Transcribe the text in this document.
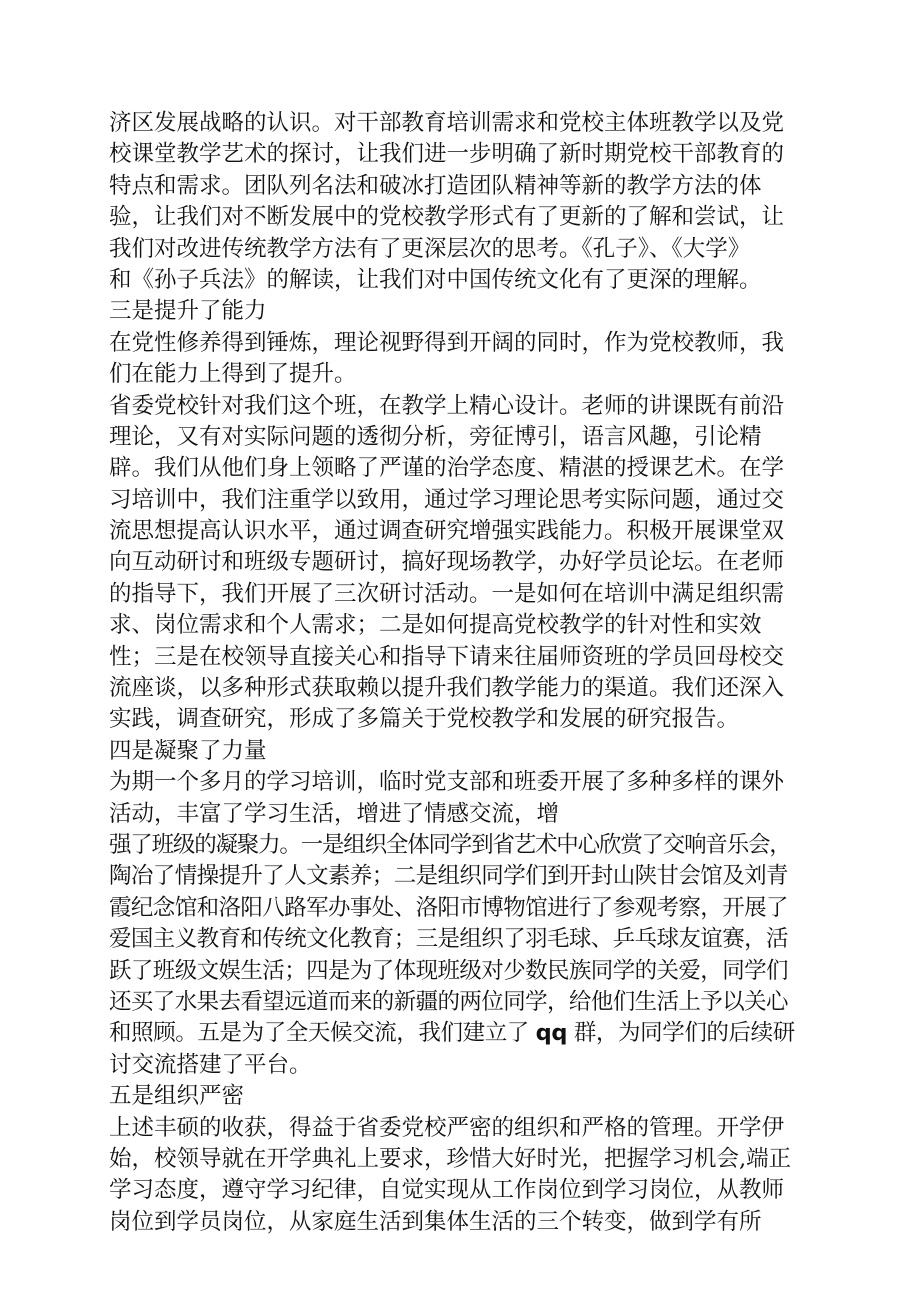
济区发展战略的认识。对干部教育培训需求和党校主体班教学以及党
校课堂教学艺术的探讨，让我们进一步明确了新时期党校干部教育的
特点和需求。团队列名法和破冰打造团队精神等新的教学方法的体
验，让我们对不断发展中的党校教学形式有了更新的了解和尝试，让
我们对改进传统教学方法有了更深层次的思考。《孔子》、《大学》
和《孙子兵法》的解读，让我们对中国传统文化有了更深的理解。
三是提升了能力
在党性修养得到锤炼，理论视野得到开阔的同时，作为党校教师，我
们在能力上得到了提升。
省委党校针对我们这个班，在教学上精心设计。老师的讲课既有前沿
理论，又有对实际问题的透彻分析，旁征博引，语言风趣，引论精
辟。我们从他们身上领略了严谨的治学态度、精湛的授课艺术。在学
习培训中，我们注重学以致用，通过学习理论思考实际问题，通过交
流思想提高认识水平，通过调查研究增强实践能力。积极开展课堂双
向互动研讨和班级专题研讨，搞好现场教学，办好学员论坛。在老师
的指导下，我们开展了三次研讨活动。一是如何在培训中满足组织需
求、岗位需求和个人需求；二是如何提高党校教学的针对性和实效
性；三是在校领导直接关心和指导下请来往届师资班的学员回母校交
流座谈，以多种形式获取赖以提升我们教学能力的渠道。我们还深入
实践，调查研究，形成了多篇关于党校教学和发展的研究报告。
四是凝聚了力量
为期一个多月的学习培训，临时党支部和班委开展了多种多样的课外
活动，丰富了学习生活，增进了情感交流，增
强了班级的凝聚力。一是组织全体同学到省艺术中心欣赏了交响音乐会，
陶冶了情操提升了人文素养；二是组织同学们到开封山陕甘会馆及刘青
霞纪念馆和洛阳八路军办事处、洛阳市博物馆进行了参观考察，开展了
爱国主义教育和传统文化教育；三是组织了羽毛球、乒乓球友谊赛，活
跃了班级文娱生活；四是为了体现班级对少数民族同学的关爱，同学们
还买了水果去看望远道而来的新疆的两位同学，给他们生活上予以关心
和照顾。五是为了全天候交流，我们建立了 qq 群，为同学们的后续研
讨交流搭建了平台。
五是组织严密
上述丰硕的收获，得益于省委党校严密的组织和严格的管理。开学伊
始，校领导就在开学典礼上要求，珍惜大好时光，把握学习机会,端正
学习态度，遵守学习纪律，自觉实现从工作岗位到学习岗位，从教师
岗位到学员岗位，从家庭生活到集体生活的三个转变，做到学有所
